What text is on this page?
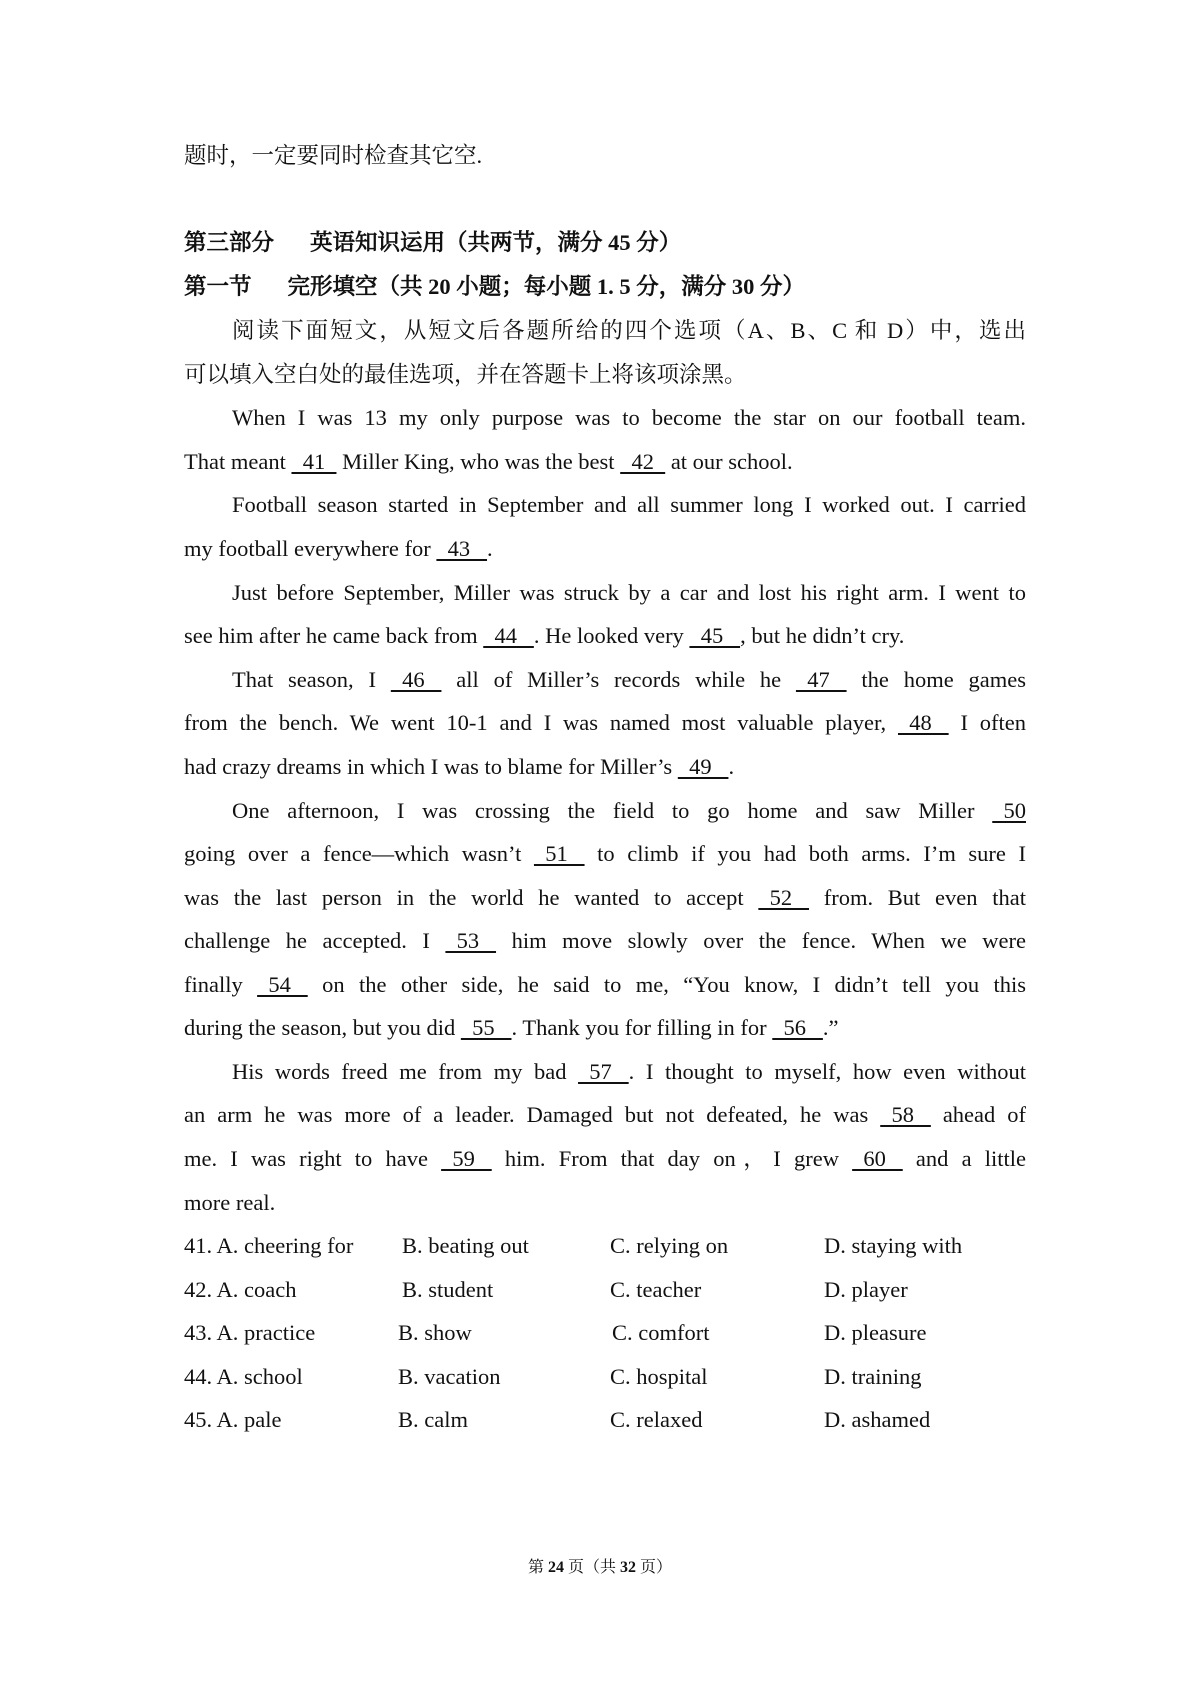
题时，一定要同时检查其它空.
第三部分 英语知识运用（共两节，满分 45 分）
第一节 完形填空（共 20 小题；每小题 1. 5 分，满分 30 分）
阅读下面短文，从短文后各题所给的四个选项（A、B、C 和 D）中，选出
可以填入空白处的最佳选项，并在答题卡上将该项涂黑。
When I was 13 my only purpose was to become the star on our football team.
That meant   41   Miller King, who was the best   42   at our school.
Football season started in September and all summer long I worked out. I carried
my football everywhere for   43   .
Just before September, Miller was struck by a car and lost his right arm. I went to
see him after he came back from   44   . He looked very   45   , but he didn’t cry.
That season, I   46    all of Miller’s records while he   47    the home games
from the bench. We went 10-1 and I was named most valuable player,   48    I often
had crazy dreams in which I was to blame for Miller’s   49   .
One afternoon, I was crossing the field to go home and saw Miller   50
going over a fence—which wasn’t   51    to climb if you had both arms. I’m sure I
was the last person in the world he wanted to accept   52    from. But even that
challenge he accepted. I   53    him move slowly over the fence. When we were
finally   54    on the other side, he said to me, “You know, I didn’t tell you this
during the season, but you did   55   . Thank you for filling in for   56   .”
His words freed me from my bad   57   . I thought to myself, how even without
an arm he was more of a leader. Damaged but not defeated, he was   58    ahead of
me. I was right to have   59    him. From that day on，I grew   60    and a little
more real.
41. A. cheering for B. beating out	C. relying on	D. staying with
42. A. coach	B. student	C. teacher	D. player
43. A. practice	B. show	C. comfort	D. pleasure
44. A. school	B. vacation	C. hospital	D. training
45. A. pale	B. calm	C. relaxed	D. ashamed
第 24 页（共 32 页）
